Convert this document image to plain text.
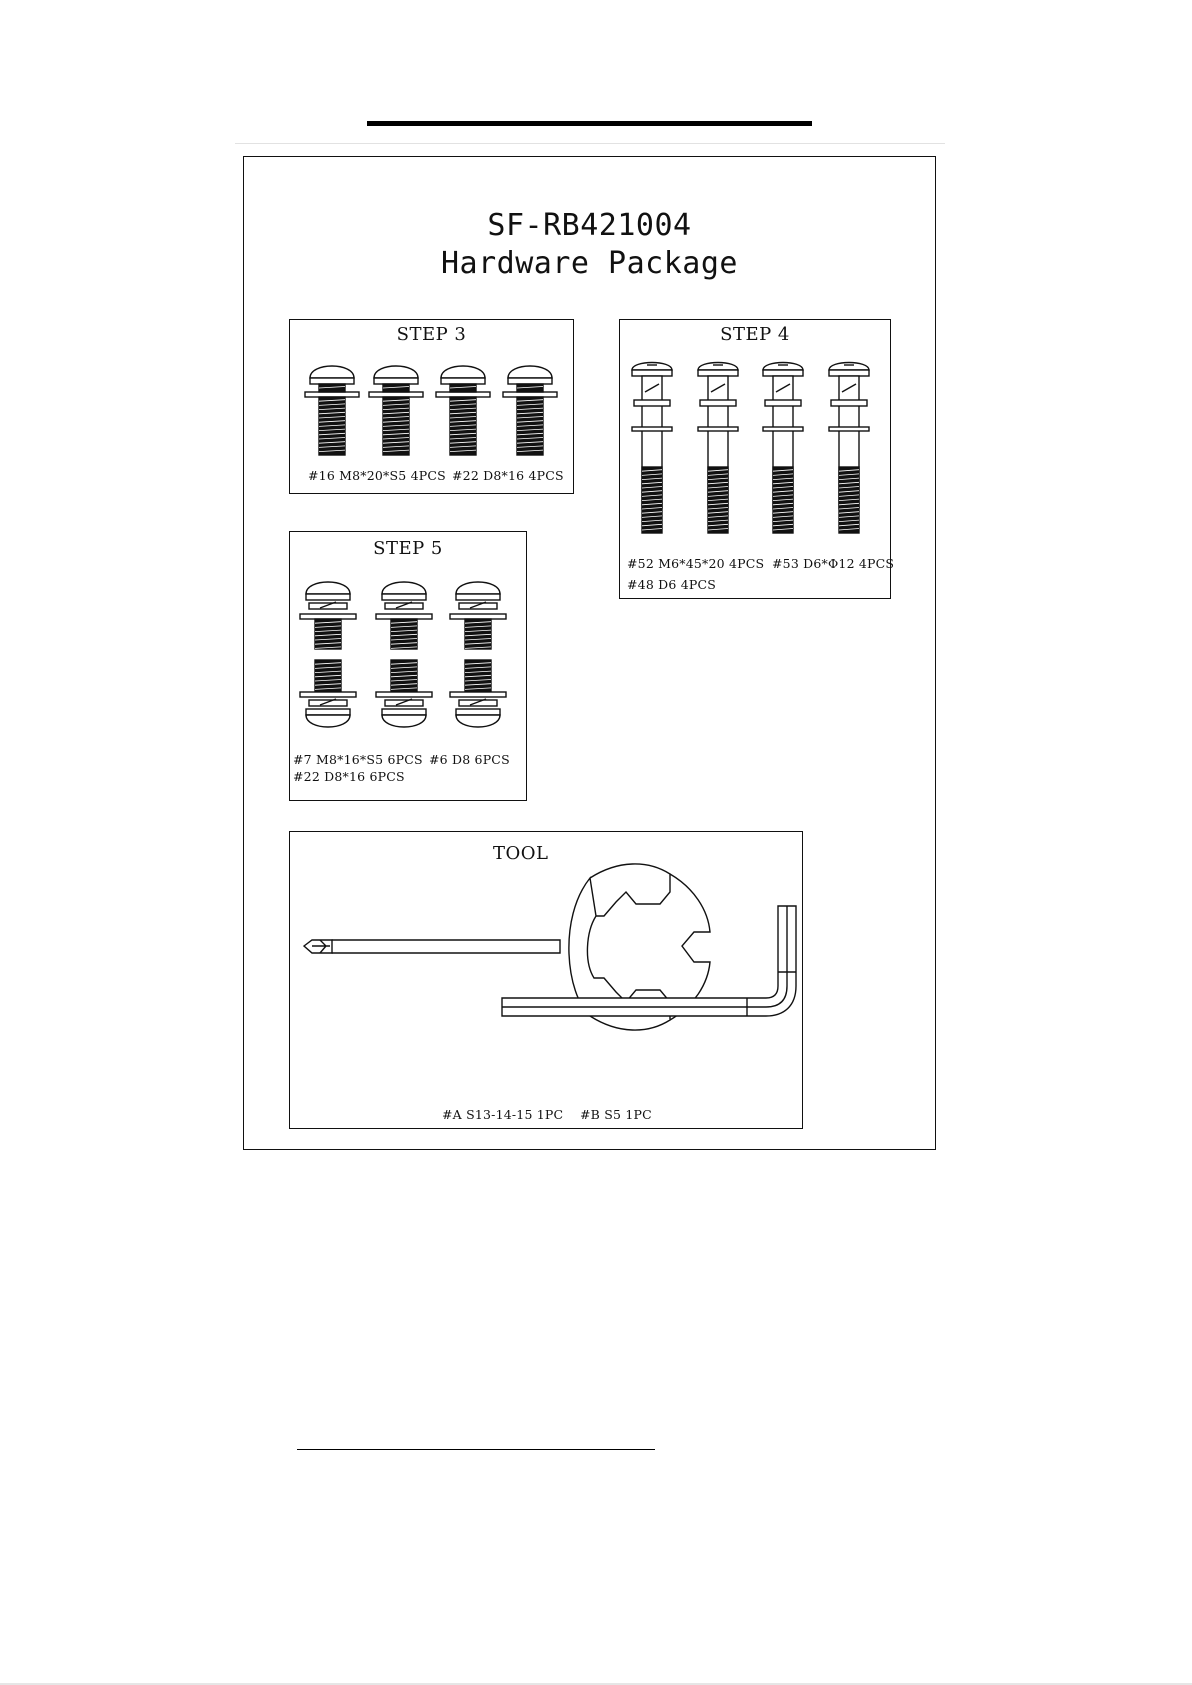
SF-RB421004
Hardware Package
STEP 3
#16 M8*20*S5 4PCS #22 D8*16 4PCS
STEP 4
#52 M6*45*20 4PCS #53 D6*Φ12 4PCS
#48 D6 4PCS
STEP 5
#7 M8*16*S5 6PCS #6 D8 6PCS
#22 D8*16 6PCS
TOOL
#A S13-14-15 1PC #B S5 1PC
